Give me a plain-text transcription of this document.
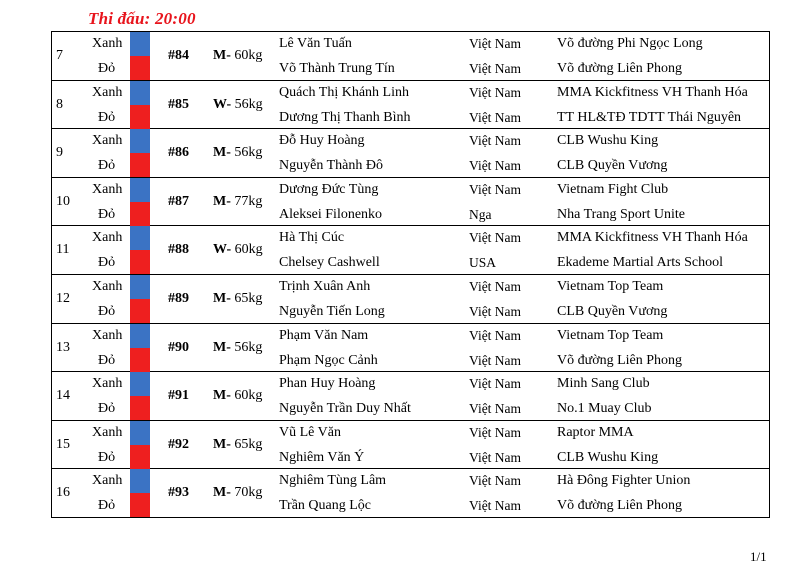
Thi đấu: 20:00
7
Xanh
Đỏ
#84 M- 60kg
Lê Văn Tuấn
Võ Thành Trung Tín
Việt Nam
Việt Nam
Võ đường Phi Ngọc Long
Võ đường Liên Phong
8
Xanh
Đỏ
#85 W- 56kg
Quách Thị Khánh Linh
Dương Thị Thanh Bình
Việt Nam
Việt Nam
MMA Kickfitness VH Thanh Hóa
TT HL&TĐ TDTT Thái Nguyên
9
Xanh
Đỏ
#86 M- 56kg
Đỗ Huy Hoàng
Nguyễn Thành Đô
Việt Nam
Việt Nam
CLB Wushu King
CLB Quyền Vương
10
Xanh
Đỏ
#87 M- 77kg
Dương Đức Tùng
Aleksei Filonenko
Việt Nam
Nga
Vietnam Fight Club
Nha Trang Sport Unite
11
Xanh
Đỏ
#88 W- 60kg
Hà Thị Cúc
Chelsey Cashwell
Việt Nam
USA
MMA Kickfitness VH Thanh Hóa
Ekademe Martial Arts School
12
Xanh
Đỏ
#89 M- 65kg
Trịnh Xuân Anh
Nguyễn Tiến Long
Việt Nam
Việt Nam
Vietnam Top Team
CLB Quyền Vương
13
Xanh
Đỏ
#90 M- 56kg
Phạm Văn Nam
Phạm Ngọc Cảnh
Việt Nam
Việt Nam
Vietnam Top Team
Võ đường Liên Phong
14
Xanh
Đỏ
#91 M- 60kg
Phan Huy Hoàng
Nguyễn Trần Duy Nhất
Việt Nam
Việt Nam
Minh Sang Club
No.1 Muay Club
15
Xanh
Đỏ
#92 M- 65kg
Vũ Lê Văn
Nghiêm Văn Ý
Việt Nam
Việt Nam
Raptor MMA
CLB Wushu King
16
Xanh
Đỏ
#93 M- 70kg
Nghiêm Tùng Lâm
Trần Quang Lộc
Việt Nam
Việt Nam
Hà Đông Fighter Union
Võ đường Liên Phong
1/1
